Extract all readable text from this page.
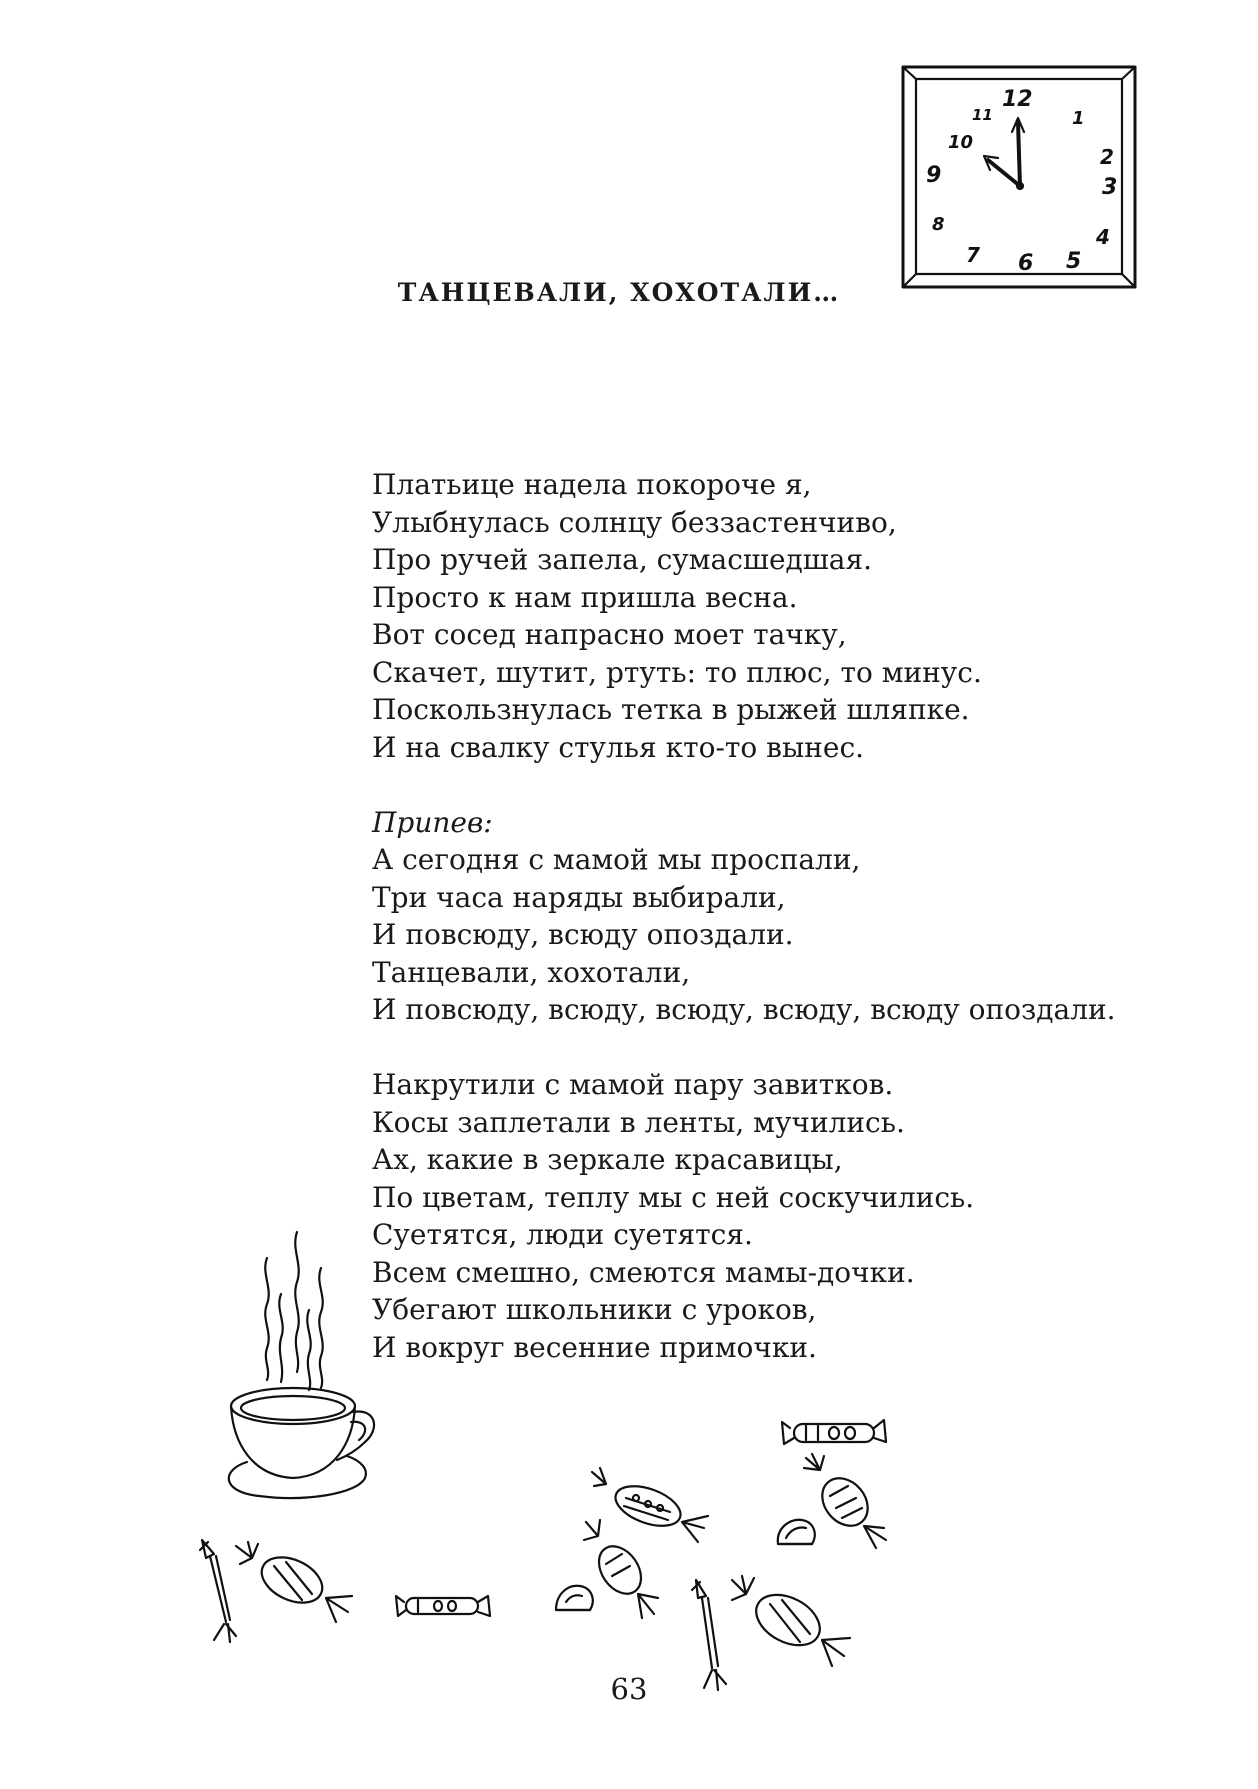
12
1
2
3
4
5
6
7
8
9
10
11
ТАНЦЕВАЛИ, ХОХОТАЛИ…
Платьице надела покороче я,
Улыбнулась солнцу беззастенчиво,
Про ручей запела, сумасшедшая.
Просто к нам пришла весна.
Вот сосед напрасно моет тачку,
Скачет, шутит, ртуть: то плюс, то минус.
Поскользнулась тетка в рыжей шляпке.
И на свалку стулья кто-то вынес.
Припев:
А сегодня с мамой мы проспали,
Три часа наряды выбирали,
И повсюду, всюду опоздали.
Танцевали, хохотали,
И повсюду, всюду, всюду, всюду, всюду опоздали.
Накрутили с мамой пару завитков.
Косы заплетали в ленты, мучились.
Ах, какие в зеркале красавицы,
По цветам, теплу мы с ней соскучились.
Суетятся, люди суетятся.
Всем смешно, смеются мамы-дочки.
Убегают школьники с уроков,
И вокруг весенние примочки.
63
